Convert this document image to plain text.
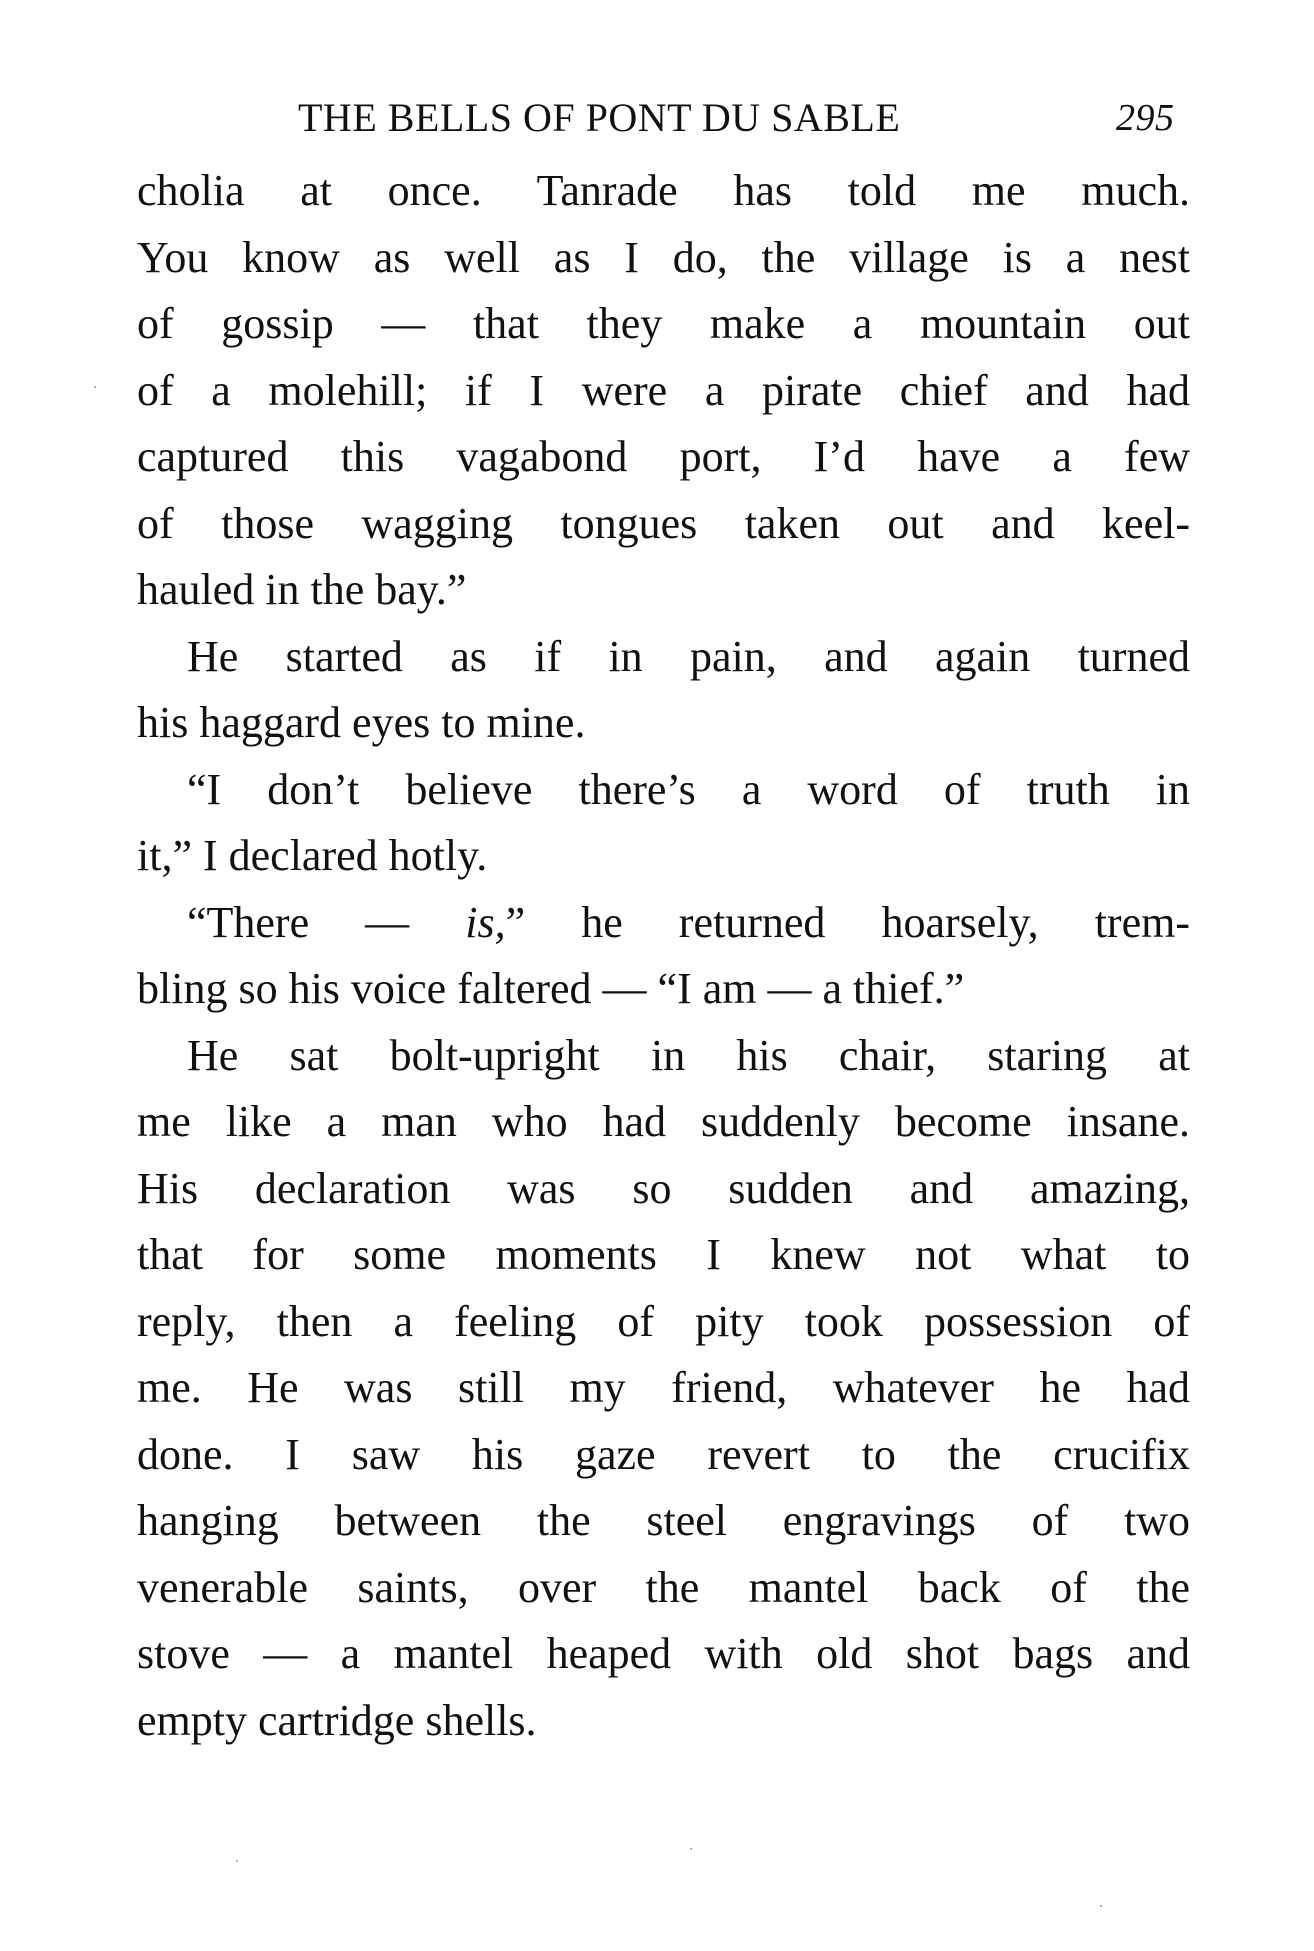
THE BELLS OF PONT DU SABLE	295
cholia at once. Tanrade has told me much.
You know as well as I do, the village is a nest
of gossip — that they make a mountain out
of a molehill; if I were a pirate chief and had
captured this vagabond port, I’d have a few
of those wagging tongues taken out and keel-
hauled in the bay.”
He started as if in pain, and again turned
his haggard eyes to mine.
“I don’t believe there’s a word of truth in
it,” I declared hotly.
“There — is,” he returned hoarsely, trem-
bling so his voice faltered — “I am — a thief.”
He sat bolt-upright in his chair, staring at
me like a man who had suddenly become insane.
His declaration was so sudden and amazing,
that for some moments I knew not what to
reply, then a feeling of pity took possession of
me. He was still my friend, whatever he had
done. I saw his gaze revert to the crucifix
hanging between the steel engravings of two
venerable saints, over the mantel back of the
stove — a mantel heaped with old shot bags and
empty cartridge shells.
